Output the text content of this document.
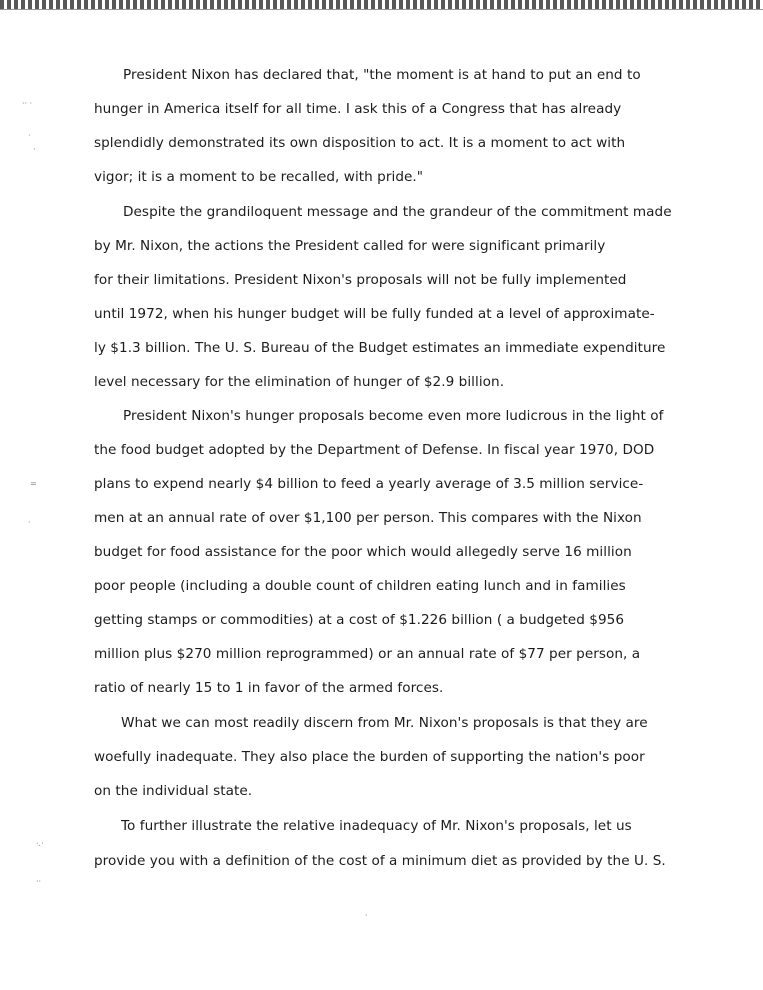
President Nixon has declared that, "the moment is at hand to put an end to
hunger in America itself for all time. I ask this of a Congress that has already
splendidly demonstrated its own disposition to act. It is a moment to act with
vigor; it is a moment to be recalled, with pride."
Despite the grandiloquent message and the grandeur of the commitment made
by Mr. Nixon, the actions the President called for were significant primarily
for their limitations. President Nixon's proposals will not be fully implemented
until 1972, when his hunger budget will be fully funded at a level of approximate-
ly $1.3 billion. The U. S. Bureau of the Budget estimates an immediate expenditure
level necessary for the elimination of hunger of $2.9 billion.
President Nixon's hunger proposals become even more ludicrous in the light of
the food budget adopted by the Department of Defense. In fiscal year 1970, DOD
plans to expend nearly $4 billion to feed a yearly average of 3.5 million service-
men at an annual rate of over $1,100 per person. This compares with the Nixon
budget for food assistance for the poor which would allegedly serve 16 million
poor people (including a double count of children eating lunch and in families
getting stamps or commodities) at a cost of $1.226 billion ( a budgeted $956
million plus $270 million reprogrammed) or an annual rate of $77 per person, a
ratio of nearly 15 to 1 in favor of the armed forces.
What we can most readily discern from Mr. Nixon's proposals is that they are
woefully inadequate. They also place the burden of supporting the nation's poor
on the individual state.
To further illustrate the relative inadequacy of Mr. Nixon's proposals, let us
provide you with a definition of the cost of a minimum diet as provided by the U. S.
·· ·
·
·
=
·
·.·
··
·
